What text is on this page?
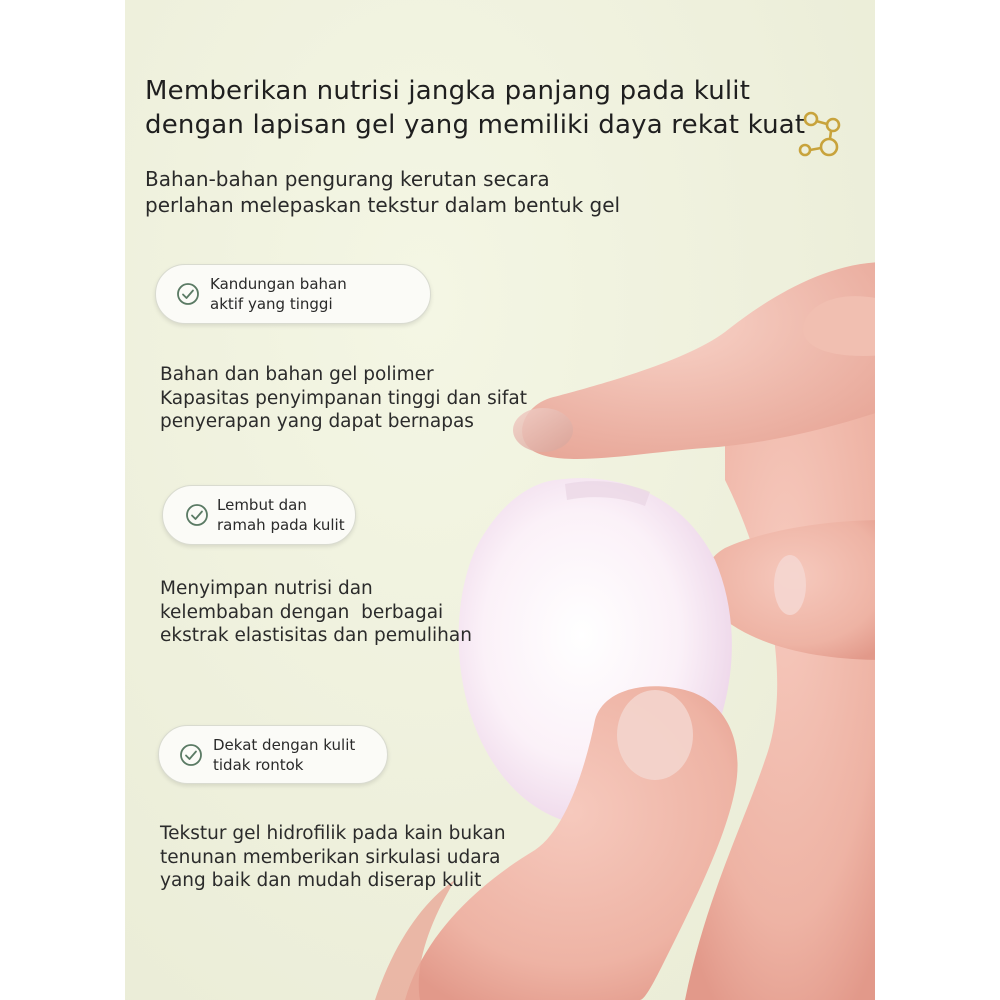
Memberikan nutrisi jangka panjang pada kulit
dengan lapisan gel yang memiliki daya rekat kuat
Bahan-bahan pengurang kerutan secara
perlahan melepaskan tekstur dalam bentuk gel
Kandungan bahan
aktif yang tinggi
Bahan dan bahan gel polimer
Kapasitas penyimpanan tinggi dan sifat
penyerapan yang dapat bernapas
Lembut dan
ramah pada kulit
Menyimpan nutrisi dan
kelembaban dengan  berbagai
ekstrak elastisitas dan pemulihan
Dekat dengan kulit
tidak rontok
Tekstur gel hidrofilik pada kain bukan
tenunan memberikan sirkulasi udara
yang baik dan mudah diserap kulit
